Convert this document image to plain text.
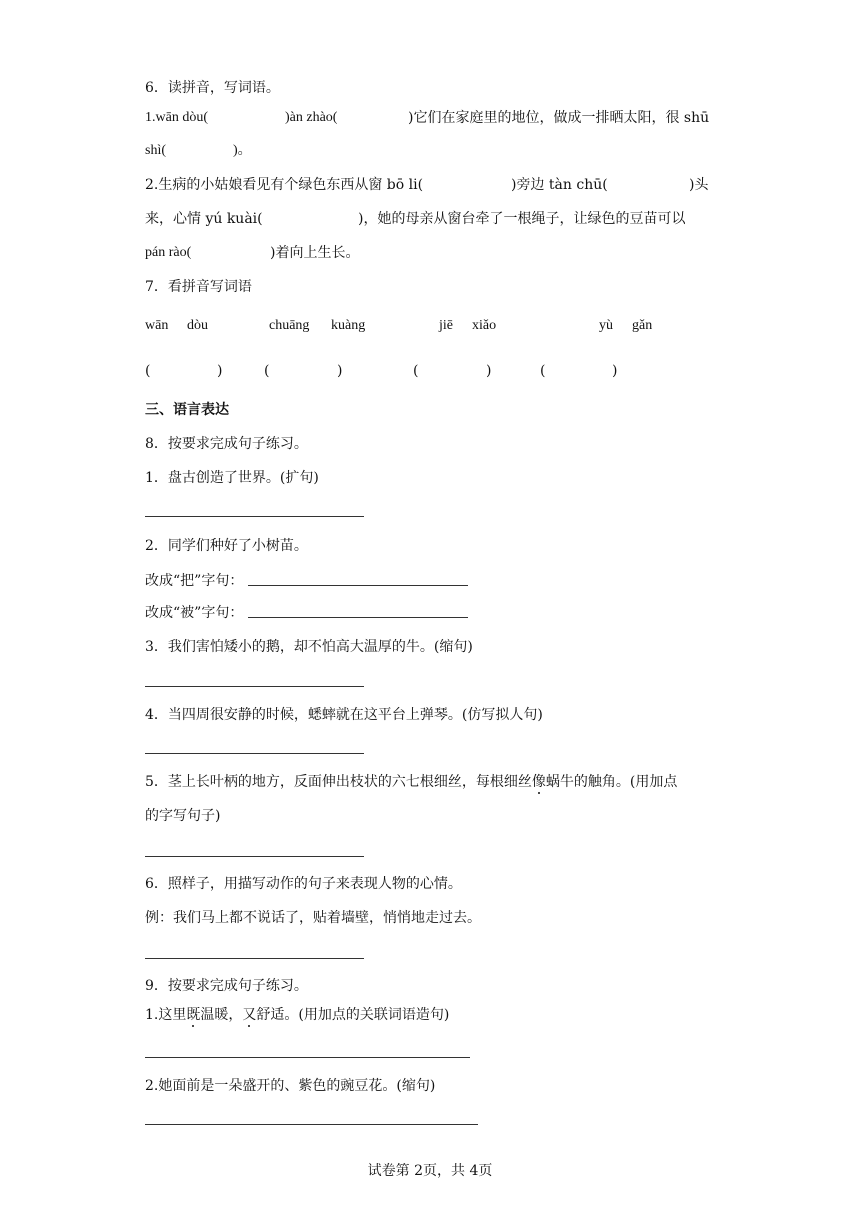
6．读拼音，写词语。

1.wān dòu(

	)àn zhào(

	)它们在家庭里的地位，做成一排晒太阳，很 shū

shì(

	)。

2.生病的小姑娘看见有个绿色东西从窗 bō li(

	)旁边 tàn chū(

	)头

来，心情 yú kuài(

	)，她的母亲从窗台牵了一根绳子，让绿色的豆苗可以

pán rào(

	)着向上生长。

7．看拼音写词语

wān

dòu

	chuāng

kuàng

	jiē

xiǎo

	yù

gǎn

(

	)

	(

	)

	(

	)

	(

	)

三、语言表达
8．按要求完成句子练习。
1．盘古创造了世界。(扩句)
2．同学们种好了小树苗。
改成“把”字句：
改成“被”字句：
3．我们害怕矮小的鹅，却不怕高大温厚的牛。(缩句)
4．当四周很安静的时候，蟋蟀就在这平台上弹琴。(仿写拟人句)
5．茎上长叶柄的地方，反面伸出枝状的六七根细丝，每根细丝像蜗牛的触角。(用加点
的字写句子)
6．照样子，用描写动作的句子来表现人物的心情。
例：我们马上都不说话了，贴着墙壁，悄悄地走过去。
9．按要求完成句子练习。
1.这里既温暖，又舒适。(用加点的关联词语造句)
2.她面前是一朵盛开的、紫色的豌豆花。(缩句)
试卷第 2页，共 4页
